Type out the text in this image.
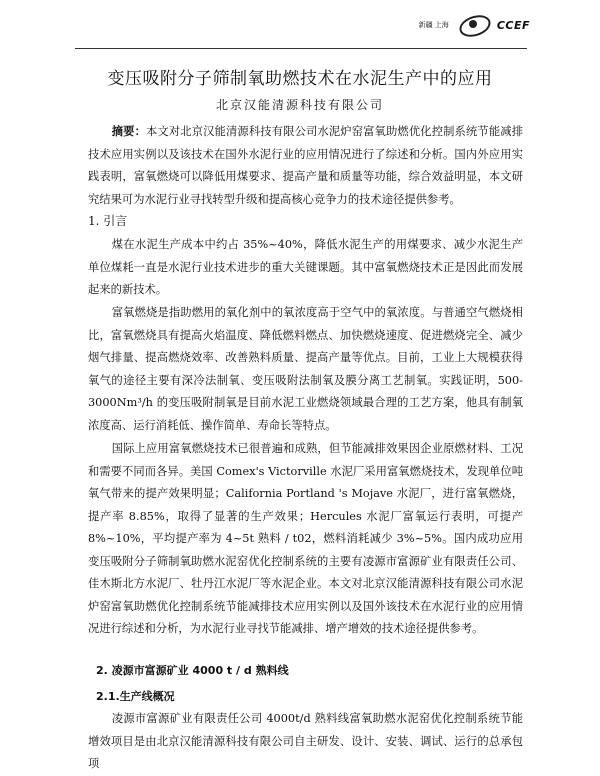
新疆 上海	CCEF
变压吸附分子筛制氧助燃技术在水泥生产中的应用
北京汉能清源科技有限公司

摘要：本文对北京汉能清源科技有限公司水泥炉窑富氧助燃优化控制系统节能减排技术应用实例以及该技术在国外水泥行业的应用情况进行了综述和分析。国内外应用实践表明，富氧燃烧可以降低用煤要求、提高产量和质量等功能，综合效益明显，本文研究结果可为水泥行业寻找转型升级和提高核心竞争力的技术途径提供参考。

1. 引言

煤在水泥生产成本中约占 35%~40%，降低水泥生产的用煤要求、减少水泥生产单位煤耗一直是水泥行业技术进步的重大关键课题。其中富氧燃烧技术正是因此而发展起来的新技术。

富氧燃烧是指助燃用的氧化剂中的氧浓度高于空气中的氧浓度。与普通空气燃烧相比，富氧燃烧具有提高火焰温度、降低燃料燃点、加快燃烧速度、促进燃烧完全、减少烟气排量、提高燃烧效率、改善熟料质量、提高产量等优点。目前，工业上大规模获得氧气的途径主要有深冷法制氧、变压吸附法制氧及膜分离工艺制氧。实践证明，500-3000Nm³/h 的变压吸附制氧是目前水泥工业燃烧领域最合理的工艺方案，他具有制氧浓度高、运行消耗低、操作简单、寿命长等特点。

国际上应用富氧燃烧技术已很普遍和成熟，但节能减排效果因企业原燃材料、工况和需要不同而各异。美国 Comex's Victorville 水泥厂采用富氧燃烧技术，发现单位吨氧气带来的提产效果明显；California Portland 's Mojave 水泥厂，进行富氧燃烧，提产率 8.85%，取得了显著的生产效果；Hercules 水泥厂富氧运行表明，可提产 8%~10%，平均提产率为 4~5t 熟料 / t02，燃料消耗减少 3%~5%。国内成功应用变压吸附分子筛制氧助燃水泥窑优化控制系统的主要有凌源市富源矿业有限责任公司、佳木斯北方水泥厂、牡丹江水泥厂等水泥企业。本文对北京汉能清源科技有限公司水泥炉窑富氧助燃优化控制系统节能减排技术应用实例以及国外该技术在水泥行业的应用情况进行综述和分析，为水泥行业寻找节能减排、增产增效的技术途径提供参考。

2. 凌源市富源矿业 4000 t / d 熟料线
2.1.生产线概况

凌源市富源矿业有限责任公司 4000t/d 熟料线富氧助燃水泥窑优化控制系统节能增效项目是由北京汉能清源科技有限公司自主研发、设计、安装、调试、运行的总承包项
